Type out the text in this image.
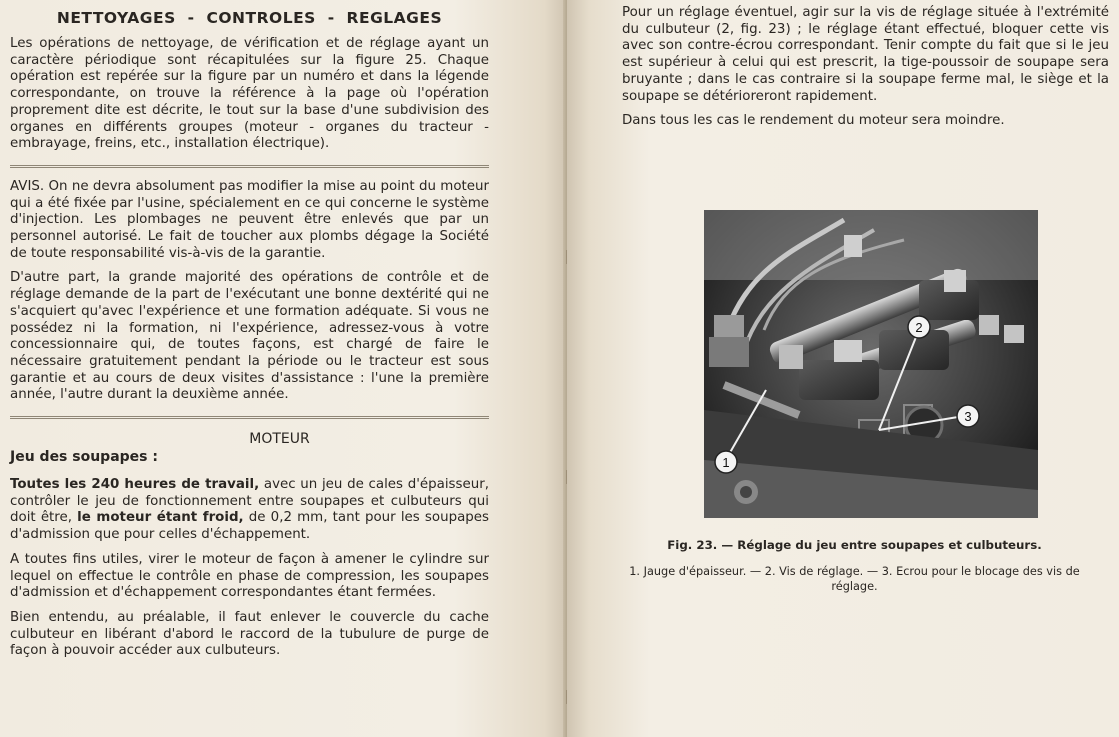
NETTOYAGES - CONTROLES - REGLAGES

Les opérations de nettoyage, de vérification et de réglage ayant un caractère périodique sont récapitulées sur la figure 25. Chaque opération est repérée sur la figure par un numéro et dans la légende correspondante, on trouve la référence à la page où l'opération proprement dite est décrite, le tout sur la base d'une subdivision des organes en différents groupes (moteur - organes du tracteur - embrayage, freins, etc., installation électrique).

AVIS. On ne devra absolument pas modifier la mise au point du moteur qui a été fixée par l'usine, spécialement en ce qui concerne le système d'injection. Les plombages ne peuvent être enlevés que par un personnel autorisé. Le fait de toucher aux plombs dégage la Société de toute responsabilité vis-à-vis de la garantie.

D'autre part, la grande majorité des opérations de contrôle et de réglage demande de la part de l'exécutant une bonne dextérité qui ne s'acquiert qu'avec l'expérience et une formation adéquate. Si vous ne possédez ni la formation, ni l'expérience, adressez-vous à votre concessionnaire qui, de toutes façons, est chargé de faire le nécessaire gratuitement pendant la période ou le tracteur est sous garantie et au cours de deux visites d'assistance : l'une la première année, l'autre durant la deuxième année.

MOTEUR

Jeu des soupapes :

Toutes les 240 heures de travail, avec un jeu de cales d'épaisseur, contrôler le jeu de fonctionnement entre soupapes et culbuteurs qui doit être, le moteur étant froid, de 0,2 mm, tant pour les soupapes d'admission que pour celles d'échappement.

A toutes fins utiles, virer le moteur de façon à amener le cylindre sur lequel on effectue le contrôle en phase de compression, les soupapes d'admission et d'échappement correspondantes étant fermées.

Bien entendu, au préalable, il faut enlever le couvercle du cache culbuteur en libérant d'abord le raccord de la tubulure de purge de façon à pouvoir accéder aux culbuteurs.

Pour un réglage éventuel, agir sur la vis de réglage située à l'extrémité du culbuteur (2, fig. 23) ; le réglage étant effectué, bloquer cette vis avec son contre-écrou correspondant. Tenir compte du fait que si le jeu est supérieur à celui qui est prescrit, la tige-poussoir de soupape sera bruyante ; dans le cas contraire si la soupape ferme mal, le siège et la soupape se détérioreront rapidement.

Dans tous les cas le rendement du moteur sera moindre.

1
2
3

Fig. 23. — Réglage du jeu entre soupapes et culbuteurs.

1. Jauge d'épaisseur. — 2. Vis de réglage. — 3. Ecrou pour le blocage des vis de réglage.
